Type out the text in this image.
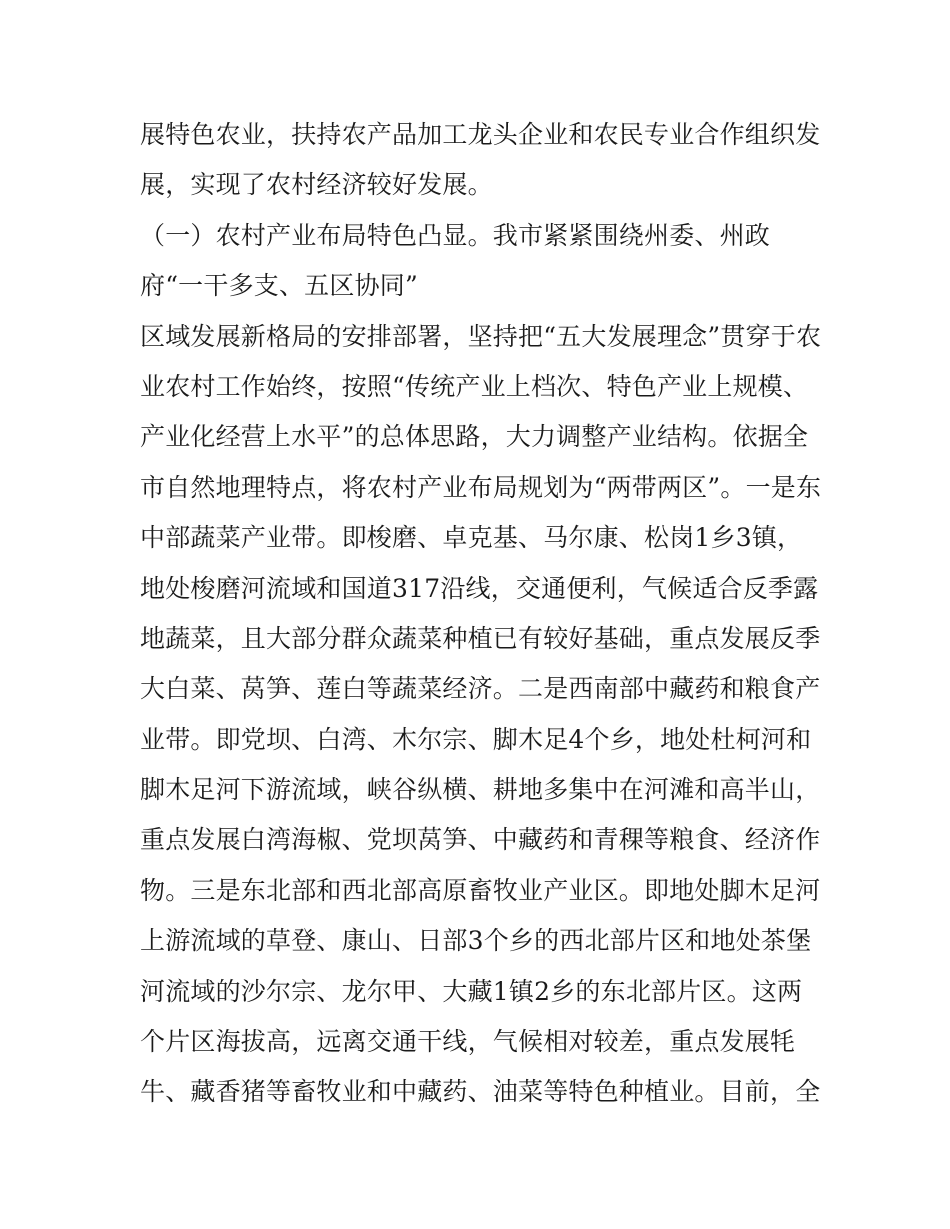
展特色农业，扶持农产品加工龙头企业和农民专业合作组织发
展，实现了农村经济较好发展。
（一）农村产业布局特色凸显。我市紧紧围绕州委、州政
府“一干多支、五区协同”
区域发展新格局的安排部署，坚持把“五大发展理念”贯穿于农
业农村工作始终，按照“传统产业上档次、特色产业上规模、
产业化经营上水平”的总体思路，大力调整产业结构。依据全
市自然地理特点，将农村产业布局规划为“两带两区”。一是东
中部蔬菜产业带。即梭磨、卓克基、马尔康、松岗1乡3镇，
地处梭磨河流域和国道317沿线，交通便利，气候适合反季露
地蔬菜，且大部分群众蔬菜种植已有较好基础，重点发展反季
大白菜、莴笋、莲白等蔬菜经济。二是西南部中藏药和粮食产
业带。即党坝、白湾、木尔宗、脚木足4个乡，地处杜柯河和
脚木足河下游流域，峡谷纵横、耕地多集中在河滩和高半山，
重点发展白湾海椒、党坝莴笋、中藏药和青稞等粮食、经济作
物。三是东北部和西北部高原畜牧业产业区。即地处脚木足河
上游流域的草登、康山、日部3个乡的西北部片区和地处茶堡
河流域的沙尔宗、龙尔甲、大藏1镇2乡的东北部片区。这两
个片区海拔高，远离交通干线，气候相对较差，重点发展牦
牛、藏香猪等畜牧业和中藏药、油菜等特色种植业。目前，全
